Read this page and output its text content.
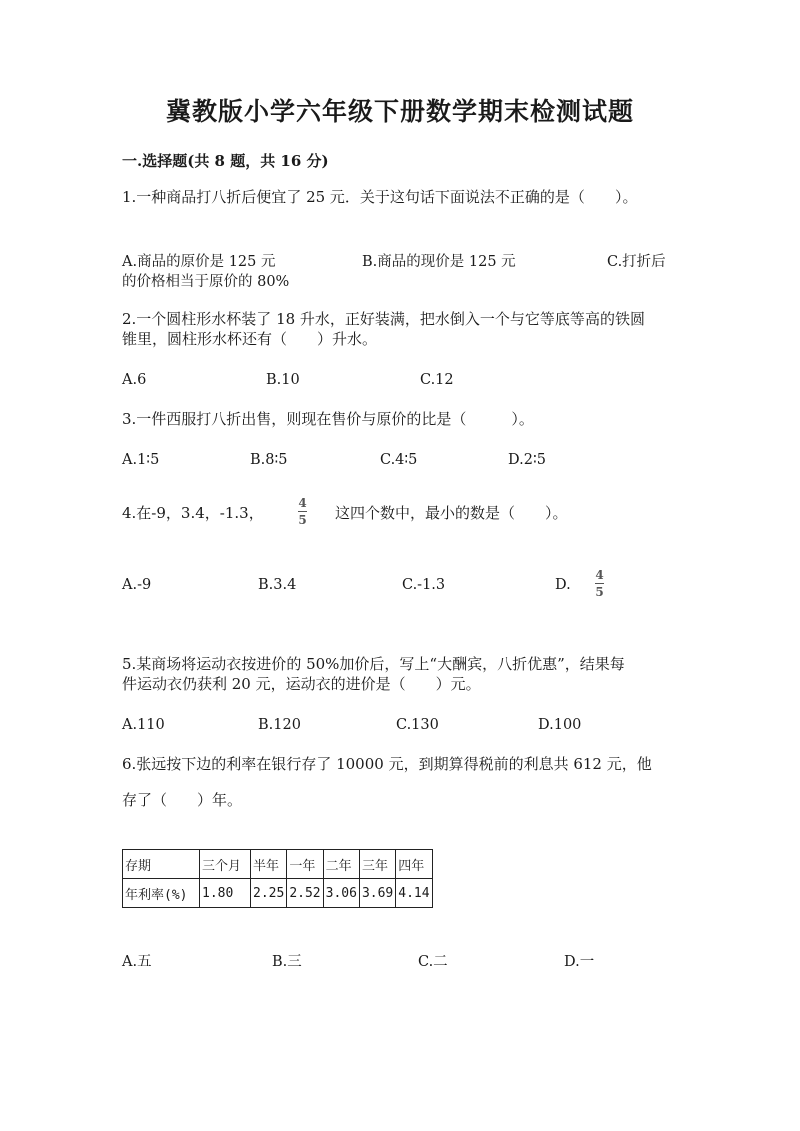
冀教版小学六年级下册数学期末检测试题
一.选择题(共 8 题，共 16 分)
1.一种商品打八折后便宜了 25 元．关于这句话下面说法不正确的是（　　）。
A.商品的原价是 125 元	B.商品的现价是 125 元	C.打折后
的价格相当于原价的 80%
2.一个圆柱形水杯装了 18 升水，正好装满，把水倒入一个与它等底等高的铁圆
锥里，圆柱形水杯还有（　　）升水。
A.6	B.10	C.12
3.一件西服打八折出售，则现在售价与原价的比是（　　　）。
A.1∶5	B.8∶5	C.4∶5	D.2∶5
4.在-9，3.4，-1.3，
4
5 这四个数中，最小的数是（　　）。
A.-9	B.3.4	C.-1.3	D.
4
5
5.某商场将运动衣按进价的 50%加价后，写上“大酬宾，八折优惠”，结果每
件运动衣仍获利 20 元，运动衣的进价是（　　）元。
A.110	B.120	C.130	D.100
6.张远按下边的利率在银行存了 10000 元，到期算得税前的利息共 612 元，他
存了（　　）年。
存期	三个月	半年	一年	二年	三年	四年
年利率(%)	1.80	2.25	2.52	3.06	3.69	4.14
A.五	B.三	C.二	D.一
